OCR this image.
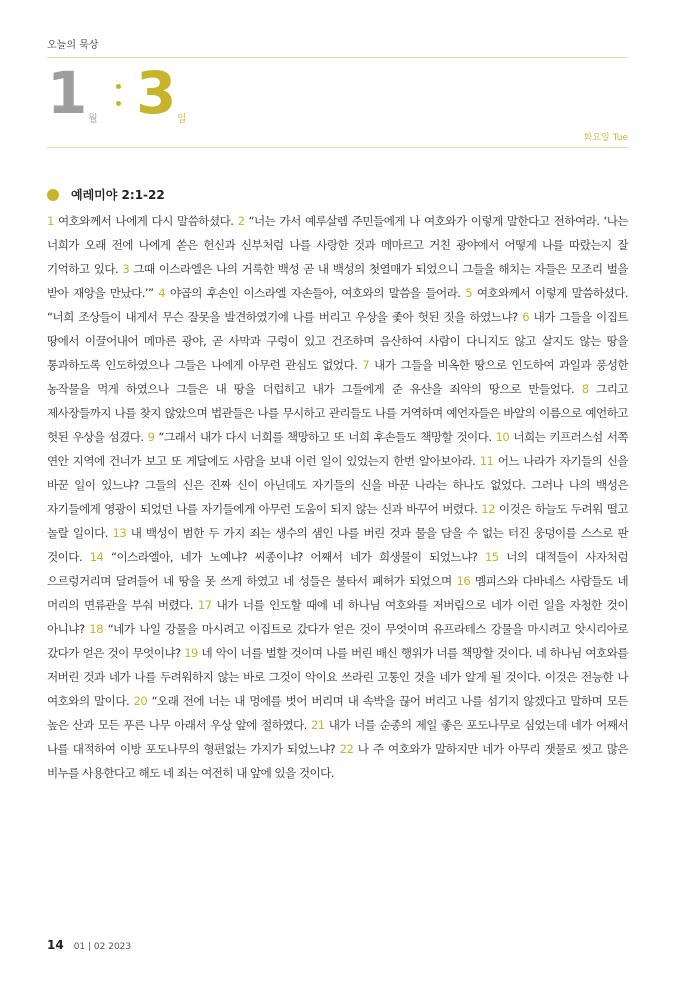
오늘의 묵상
1 월 3 일
화요일 Tue
예레미야 2:1-22
1 여호와께서 나에게 다시 말씀하셨다. 2 “너는 가서 예루살렘 주민들에게 나 여호와가 이렇게 말한다고 전하여라. ‘나는 너희가 오래 전에 나에게 쏟은 헌신과 신부처럼 나를 사랑한 것과 메마르고 거친 광야에서 어떻게 나를 따랐는지 잘 기억하고 있다. 3 그때 이스라엘은 나의 거룩한 백성 곧 내 백성의 첫열매가 되었으니 그들을 해치는 자들은 모조리 벌을 받아 재앙을 만났다.’” 4 야곱의 후손인 이스라엘 자손들아, 여호와의 말씀을 들어라. 5 여호와께서 이렇게 말씀하셨다. “너희 조상들이 내게서 무슨 잘못을 발견하였기에 나를 버리고 우상을 좇아 헛된 짓을 하였느냐? 6 내가 그들을 이집트 땅에서 이끌어내어 메마른 광야, 곧 사막과 구렁이 있고 건조하며 음산하여 사람이 다니지도 않고 살지도 않는 땅을 통과하도록 인도하였으나 그들은 나에게 아무런 관심도 없었다. 7 내가 그들을 비옥한 땅으로 인도하여 과일과 풍성한 농작물을 먹게 하였으나 그들은 내 땅을 더럽히고 내가 그들에게 준 유산을 죄악의 땅으로 만들었다. 8 그리고 제사장들까지 나를 찾지 않았으며 법관들은 나를 무시하고 관리들도 나를 거역하며 예언자들은 바알의 이름으로 예언하고 헛된 우상을 섬겼다. 9 “그래서 내가 다시 너희를 책망하고 또 너희 후손들도 책망할 것이다. 10 너희는 키프러스섬 서쪽 연안 지역에 건너가 보고 또 게달에도 사람을 보내 이런 일이 있었는지 한번 알아보아라. 11 어느 나라가 자기들의 신을 바꾼 일이 있느냐? 그들의 신은 진짜 신이 아닌데도 자기들의 신을 바꾼 나라는 하나도 없었다. 그러나 나의 백성은 자기들에게 영광이 되었던 나를 자기들에게 아무런 도움이 되지 않는 신과 바꾸어 버렸다. 12 이것은 하늘도 두려워 떨고 놀랄 일이다. 13 내 백성이 범한 두 가지 죄는 생수의 샘인 나를 버린 것과 물을 담을 수 없는 터진 웅덩이를 스스로 판 것이다. 14 “이스라엘아, 네가 노예냐? 씨종이냐? 어째서 네가 희생물이 되었느냐? 15 너의 대적들이 사자처럼 으르렁거리며 달려들어 네 땅을 못 쓰게 하였고 네 성들은 불타서 폐허가 되었으며 16 멤피스와 다바네스 사람들도 네 머리의 면류관을 부숴 버렸다. 17 내가 너를 인도할 때에 네 하나님 여호와를 저버림으로 네가 이런 일을 자청한 것이 아니냐? 18 “네가 나일 강물을 마시려고 이집트로 갔다가 얻은 것이 무엇이며 유프라테스 강물을 마시려고 앗시리아로 갔다가 얻은 것이 무엇이냐? 19 네 악이 너를 벌할 것이며 나를 버린 배신 행위가 너를 책망할 것이다. 네 하나님 여호와를 저버린 것과 네가 나를 두려워하지 않는 바로 그것이 악이요 쓰라린 고통인 것을 네가 알게 될 것이다. 이것은 전능한 나 여호와의 말이다. 20 “오래 전에 너는 내 멍에를 벗어 버리며 내 속박을 끊어 버리고 나를 섬기지 않겠다고 말하며 모든 높은 산과 모든 푸른 나무 아래서 우상 앞에 절하였다. 21 내가 너를 순종의 제일 좋은 포도나무로 심었는데 네가 어째서 나를 대적하여 이방 포도나무의 형편없는 가지가 되었느냐? 22 나 주 여호와가 말하지만 네가 아무리 잿물로 씻고 많은 비누를 사용한다고 해도 네 죄는 여전히 내 앞에 있을 것이다.
14 01 | 02 2023
